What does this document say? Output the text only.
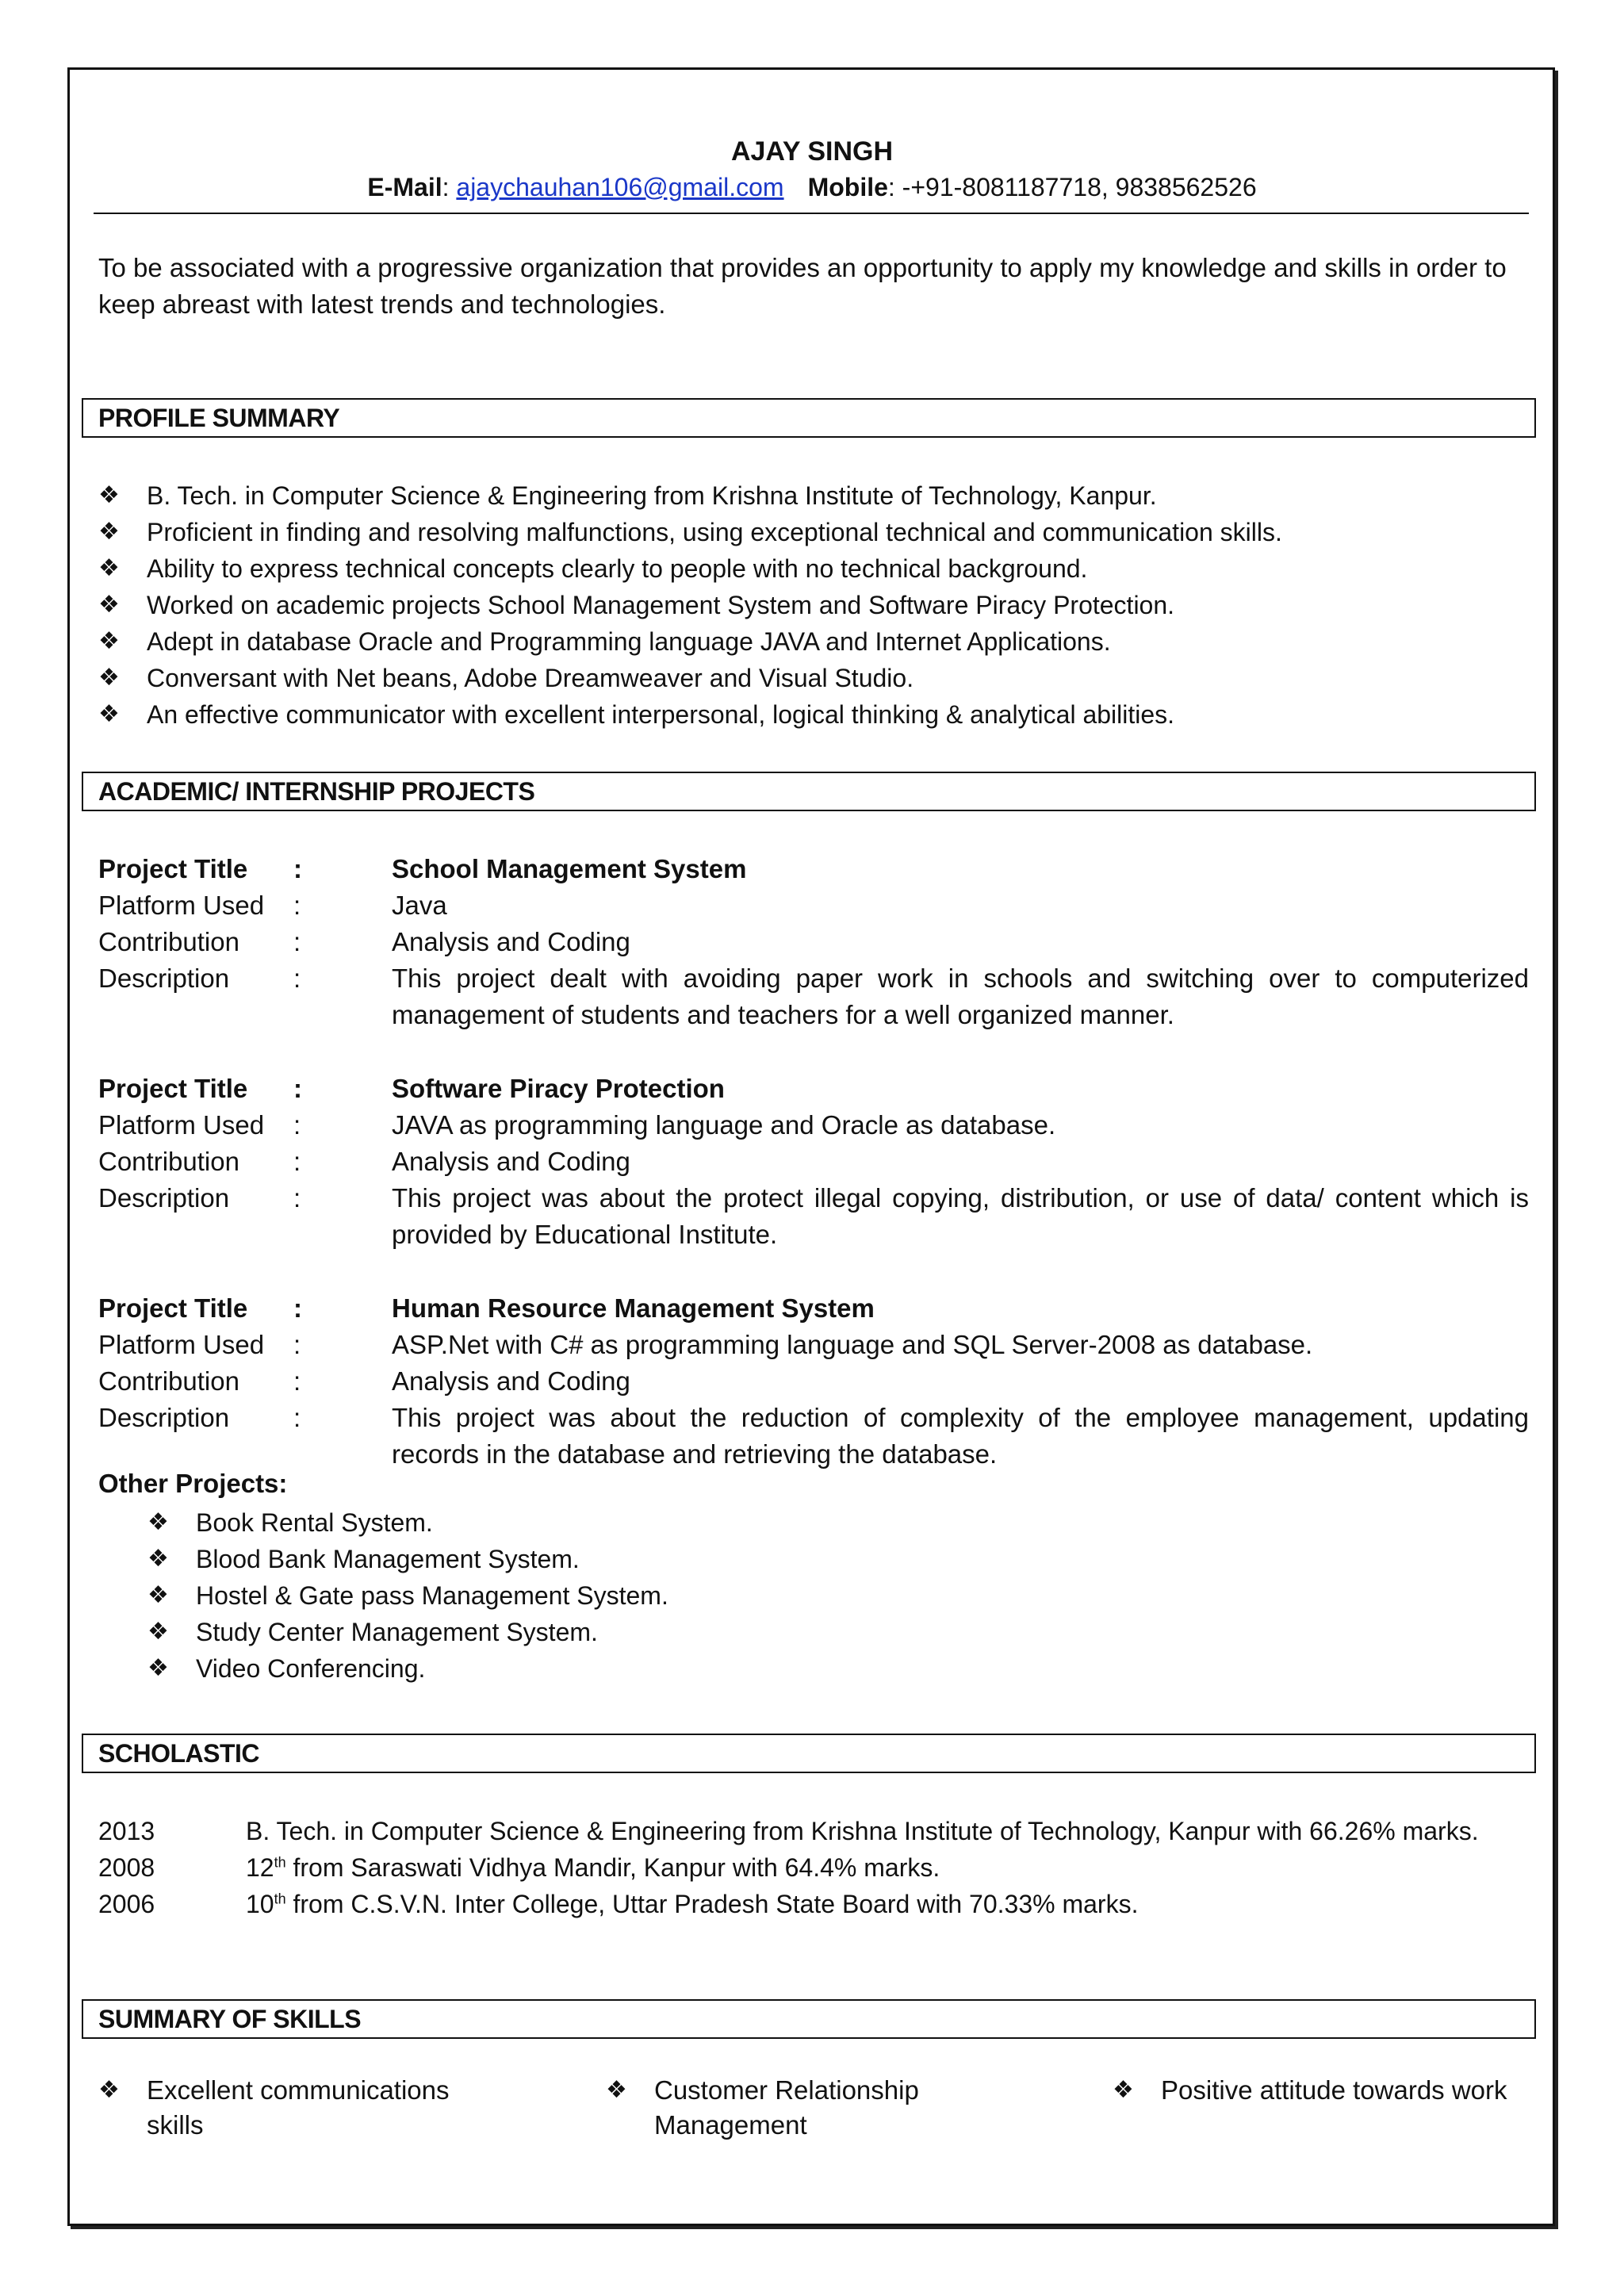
AJAY SINGH
E-Mail: ajaychauhan106@gmail.com Mobile: -+91-8081187718, 9838562526
To be associated with a progressive organization that provides an opportunity to apply my knowledge and skills in order to keep abreast with latest trends and technologies.
PROFILE SUMMARY
❖ B. Tech. in Computer Science & Engineering from Krishna Institute of Technology, Kanpur.
❖ Proficient in finding and resolving malfunctions, using exceptional technical and communication skills.
❖ Ability to express technical concepts clearly to people with no technical background.
❖ Worked on academic projects School Management System and Software Piracy Protection.
❖ Adept in database Oracle and Programming language JAVA and Internet Applications.
❖ Conversant with Net beans, Adobe Dreamweaver and Visual Studio.
❖ An effective communicator with excellent interpersonal, logical thinking & analytical abilities.
ACADEMIC/ INTERNSHIP PROJECTS
Project Title :	School Management System
Platform Used :	Java
Contribution :	Analysis and Coding
Description :	This project dealt with avoiding paper work in schools and switching over to computerized management of students and teachers for a well organized manner.
Project Title :	Software Piracy Protection
Platform Used :	JAVA as programming language and Oracle as database.
Contribution :	Analysis and Coding
Description :	This project was about the protect illegal copying, distribution, or use of data/ content which is provided by Educational Institute.
Project Title :	Human Resource Management System
Platform Used :	ASP.Net with C# as programming language and SQL Server-2008 as database.
Contribution :	Analysis and Coding
Description :	This project was about the reduction of complexity of the employee management, updating records in the database and retrieving the database.
Other Projects:
❖ Book Rental System.
❖ Blood Bank Management System.
❖ Hostel & Gate pass Management System.
❖ Study Center Management System.
❖ Video Conferencing.
SCHOLASTIC
2013	B. Tech. in Computer Science & Engineering from Krishna Institute of Technology, Kanpur with 66.26% marks.
2008	12th from Saraswati Vidhya Mandir, Kanpur with 64.4% marks.
2006	10th from C.S.V.N. Inter College, Uttar Pradesh State Board with 70.33% marks.
SUMMARY OF SKILLS
❖ Excellent communications skills
❖ Customer Relationship Management
❖ Positive attitude towards work
